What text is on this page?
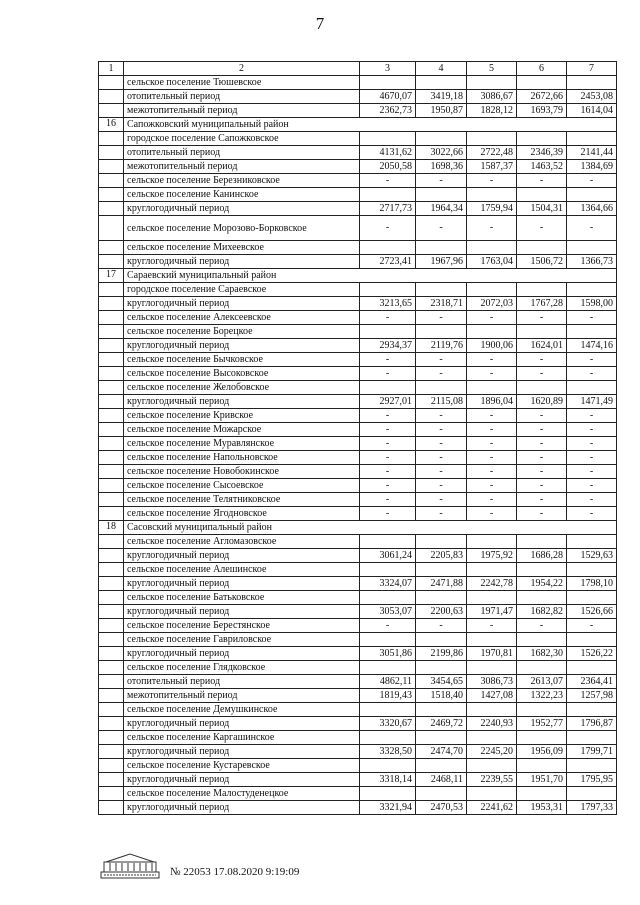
7
1	2	3	4	5	6	7
	сельское поселение Тюшевское					
	отопительный период	4670,07	3419,18	3086,67	2672,66	2453,08
	межотопительный период	2362,73	1950,87	1828,12	1693,79	1614,04
16	Сапожковский муниципальный район					
	городское поселение Сапожковское					
	отопительный период	4131,62	3022,66	2722,48	2346,39	2141,44
	межотопительный период	2050,58	1698,36	1587,37	1463,52	1384,69
	сельское поселение Березниковское	-	-	-	-	-
	сельское поселение Канинское					
	круглогодичный период	2717,73	1964,34	1759,94	1504,31	1364,66
	сельское поселение Морозово-Борковское	-	-	-	-	-
	сельское поселение Михеевское					
	круглогодичный период	2723,41	1967,96	1763,04	1506,72	1366,73
17	Сараевский муниципальный район					
	городское поселение Сараевское					
	круглогодичный период	3213,65	2318,71	2072,03	1767,28	1598,00
	сельское поселение Алексеевское	-	-	-	-	-
	сельское поселение Борецкое					
	круглогодичный период	2934,37	2119,76	1900,06	1624,01	1474,16
	сельское поселение Бычковское	-	-	-	-	-
	сельское поселение Высоковское	-	-	-	-	-
	сельское поселение Желобовское					
	круглогодичный период	2927,01	2115,08	1896,04	1620,89	1471,49
	сельское поселение Кривское	-	-	-	-	-
	сельское поселение Можарское	-	-	-	-	-
	сельское поселение Муравлянское	-	-	-	-	-
	сельское поселение Напольновское	-	-	-	-	-
	сельское поселение Новобокинское	-	-	-	-	-
	сельское поселение Сысоевское	-	-	-	-	-
	сельское поселение Телятниковское	-	-	-	-	-
	сельское поселение Ягодновское	-	-	-	-	-
18	Сасовский муниципальный район					
	сельское поселение Агломазовское					
	круглогодичный период	3061,24	2205,83	1975,92	1686,28	1529,63
	сельское поселение Алешинское					
	круглогодичный период	3324,07	2471,88	2242,78	1954,22	1798,10
	сельское поселение Батьковское					
	круглогодичный период	3053,07	2200,63	1971,47	1682,82	1526,66
	сельское поселение Берестянское	-	-	-	-	-
	сельское поселение Гавриловское					
	круглогодичный период	3051,86	2199,86	1970,81	1682,30	1526,22
	сельское поселение Глядковское					
	отопительный период	4862,11	3454,65	3086,73	2613,07	2364,41
	межотопительный период	1819,43	1518,40	1427,08	1322,23	1257,98
	сельское поселение Демушкинское					
	круглогодичный период	3320,67	2469,72	2240,93	1952,77	1796,87
	сельское поселение Каргашинское					
	круглогодичный период	3328,50	2474,70	2245,20	1956,09	1799,71
	сельское поселение Кустаревское					
	круглогодичный период	3318,14	2468,11	2239,55	1951,70	1795,95
	сельское поселение Малостуденецкое					
	круглогодичный период	3321,94	2470,53	2241,62	1953,31	1797,33
№ 22053 17.08.2020 9:19:09
